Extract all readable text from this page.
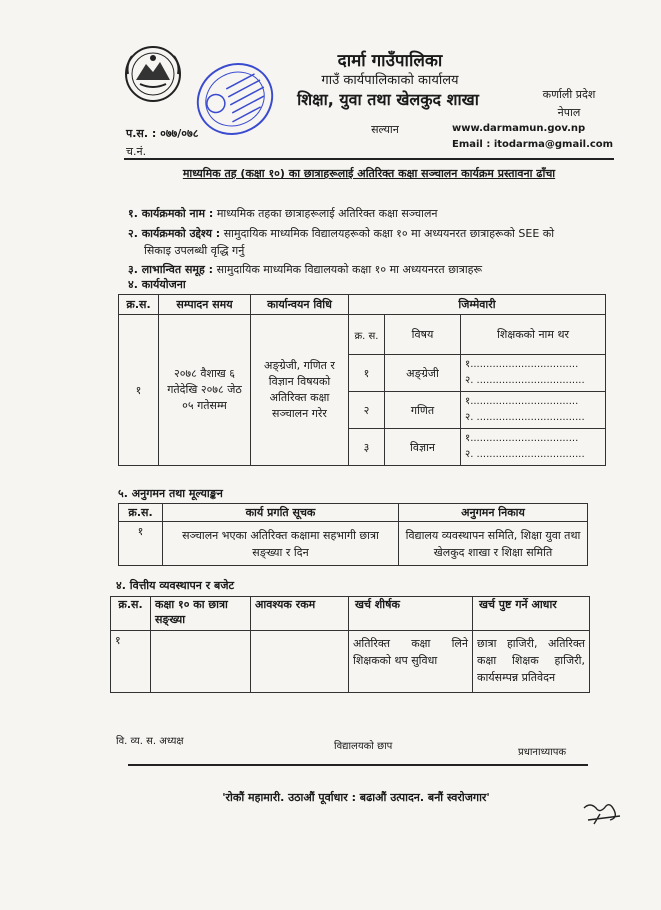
दार्मा गाउँपालिका
गाउँ कार्यपालिकाको कार्यालय
शिक्षा, युवा तथा खेलकुद शाखा
सल्यान
कर्णाली प्रदेश
नेपाल
प.स. : ०७७/०७८
च.नं.
www.darmamun.gov.np
Email : itodarma@gmail.com
माध्यमिक तह (कक्षा १०) का छात्राहरूलाई अतिरिक्त कक्षा सञ्चालन कार्यक्रम प्रस्तावना ढाँचा
१. कार्यक्रमको नाम : माध्यमिक तहका छात्राहरूलाई अतिरिक्त कक्षा सञ्चालन
२. कार्यक्रमको उद्देश्य : सामुदायिक माध्यमिक विद्यालयहरूको कक्षा १० मा अध्ययनरत छात्राहरूको SEE को
सिकाइ उपलब्धी वृद्धि गर्नु
३. लाभान्वित समूह : सामुदायिक माध्यमिक विद्यालयको कक्षा १० मा अध्ययनरत छात्राहरू
४. कार्ययोजना
क्र.स.	सम्पादन समय	कार्यान्वयन विधि	जिम्मेवारी		
१	२०७८ वैशाख ६ गतेदेखि २०७८ जेठ ०५ गतेसम्म	अङ्ग्रेजी, गणित र विज्ञान विषयको अतिरिक्त कक्षा सञ्चालन गरेर	क्र. स.	विषय	शिक्षकको नाम थर
			१	अङ्ग्रेजी	१..................................
२. ..................................

			२	गणित	१..................................
२. ..................................

			३	विज्ञान	१..................................
२. ..................................
५. अनुगमन तथा मूल्याङ्कन
क्र.स.	कार्य प्रगति सूचक	अनुगमन निकाय
१	सञ्चालन भएका अतिरिक्त कक्षामा सहभागी छात्रा सङ्ख्या र दिन	विद्यालय व्यवस्थापन समिति, शिक्षा युवा तथा खेलकुद शाखा र शिक्षा समिति
४. वित्तीय व्यवस्थापन र बजेट
क्र.स.	कक्षा १० का छात्रा सङ्ख्या	आवश्यक रकम	खर्च शीर्षक	खर्च पुष्ट गर्ने आधार
१			अतिरिक्त कक्षा लिने शिक्षकको थप सुविधा	छात्रा हाजिरी, अतिरिक्त कक्षा शिक्षक हाजिरी, कार्यसम्पन्न प्रतिवेदन
वि. व्य. स. अध्यक्ष	विद्यालयको छाप
प्रधानाध्यापक
'रोकौं महामारी. उठाऔं पूर्वाधार : बढाऔं उत्पादन. बनौं स्वरोजगार'
